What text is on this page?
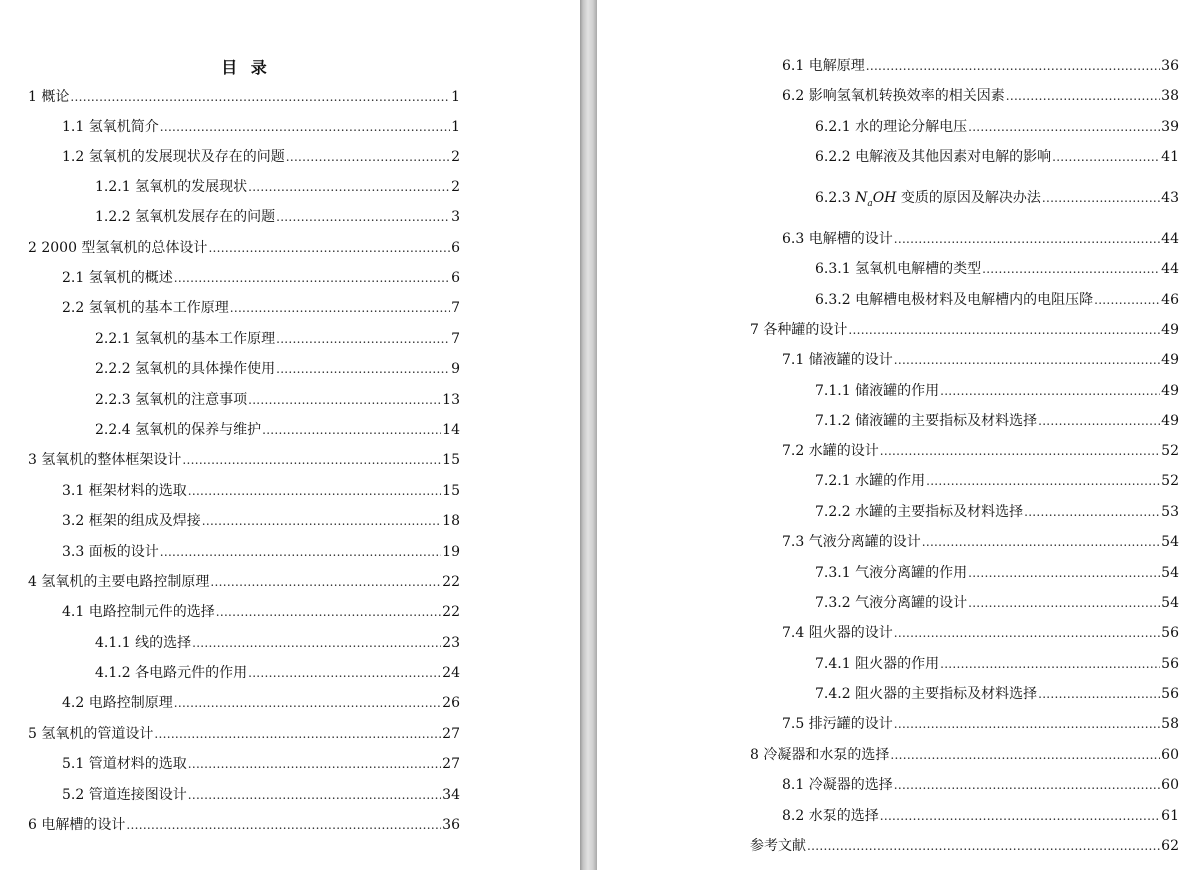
目 录
1 概论 .....	1
1.1 氢氧机简介 .....	1
1.2 氢氧机的发展现状及存在的问题 .....	2
1.2.1 氢氧机的发展现状 .....	2
1.2.2 氢氧机发展存在的问题 .....	3
2 2000 型氢氧机的总体设计 .....	6
2.1 氢氧机的概述 .....	6
2.2 氢氧机的基本工作原理 .....	7
2.2.1 氢氧机的基本工作原理 .....	7
2.2.2 氢氧机的具体操作使用 .....	9
2.2.3 氢氧机的注意事项 .....	13
2.2.4 氢氧机的保养与维护 .....	14
3 氢氧机的整体框架设计 .....	15
3.1 框架材料的选取 .....	15
3.2 框架的组成及焊接 .....	18
3.3 面板的设计 .....	19
4 氢氧机的主要电路控制原理 .....	22
4.1 电路控制元件的选择 .....	22
4.1.1 线的选择 .....	23
4.1.2 各电路元件的作用 .....	24
4.2 电路控制原理 .....	26
5 氢氧机的管道设计 .....	27
5.1 管道材料的选取 .....	27
5.2 管道连接图设计 .....	34
6 电解槽的设计 .....	36
6.1 电解原理 .....	36
6.2 影响氢氧机转换效率的相关因素 .....	38
6.2.1 水的理论分解电压 .....	39
6.2.2 电解液及其他因素对电解的影响 .....	41
6.2.3 $N_aOH$ 变质的原因及解决办法 .....	43
6.3 电解槽的设计 .....	44
6.3.1 氢氧机电解槽的类型 .....	44
6.3.2 电解槽电极材料及电解槽内的电阻压降 .....	46
7 各种罐的设计 .....	49
7.1 储液罐的设计 .....	49
7.1.1 储液罐的作用 .....	49
7.1.2 储液罐的主要指标及材料选择 .....	49
7.2 水罐的设计 .....	52
7.2.1 水罐的作用 .....	52
7.2.2 水罐的主要指标及材料选择 .....	53
7.3 气液分离罐的设计 .....	54
7.3.1 气液分离罐的作用 .....	54
7.3.2 气液分离罐的设计 .....	54
7.4 阻火器的设计 .....	56
7.4.1 阻火器的作用 .....	56
7.4.2 阻火器的主要指标及材料选择 .....	56
7.5 排污罐的设计 .....	58
8 冷凝器和水泵的选择 .....	60
8.1 冷凝器的选择 .....	60
8.2 水泵的选择 .....	61
参考文献 .....	62
